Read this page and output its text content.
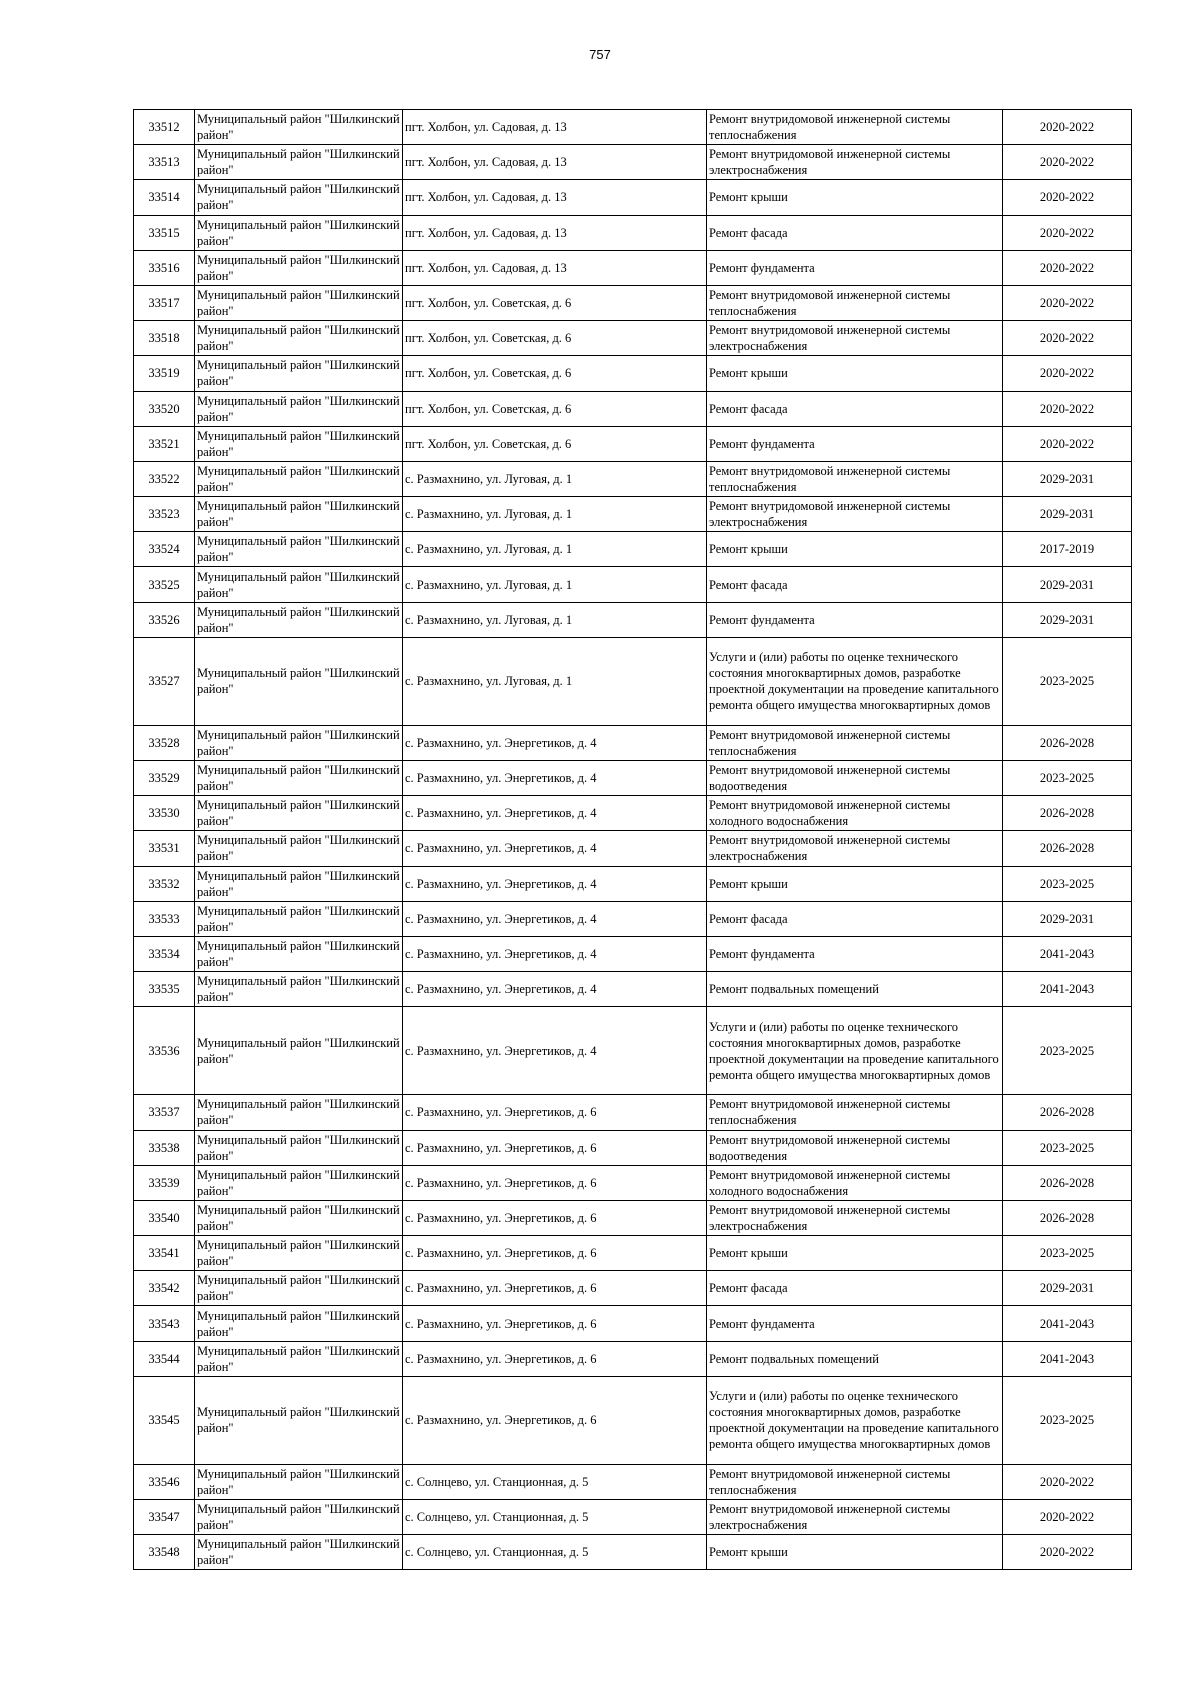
757
33512	Муниципальный район "Шилкинский район"	пгт. Холбон, ул. Садовая, д. 13	Ремонт внутридомовой инженерной системы теплоснабжения	2020-2022
33513	Муниципальный район "Шилкинский район"	пгт. Холбон, ул. Садовая, д. 13	Ремонт внутридомовой инженерной системы электроснабжения	2020-2022
33514	Муниципальный район "Шилкинский район"	пгт. Холбон, ул. Садовая, д. 13	Ремонт крыши	2020-2022
33515	Муниципальный район "Шилкинский район"	пгт. Холбон, ул. Садовая, д. 13	Ремонт фасада	2020-2022
33516	Муниципальный район "Шилкинский район"	пгт. Холбон, ул. Садовая, д. 13	Ремонт фундамента	2020-2022
33517	Муниципальный район "Шилкинский район"	пгт. Холбон, ул. Советская, д. 6	Ремонт внутридомовой инженерной системы теплоснабжения	2020-2022
33518	Муниципальный район "Шилкинский район"	пгт. Холбон, ул. Советская, д. 6	Ремонт внутридомовой инженерной системы электроснабжения	2020-2022
33519	Муниципальный район "Шилкинский район"	пгт. Холбон, ул. Советская, д. 6	Ремонт крыши	2020-2022
33520	Муниципальный район "Шилкинский район"	пгт. Холбон, ул. Советская, д. 6	Ремонт фасада	2020-2022
33521	Муниципальный район "Шилкинский район"	пгт. Холбон, ул. Советская, д. 6	Ремонт фундамента	2020-2022
33522	Муниципальный район "Шилкинский район"	с. Размахнино, ул. Луговая, д. 1	Ремонт внутридомовой инженерной системы теплоснабжения	2029-2031
33523	Муниципальный район "Шилкинский район"	с. Размахнино, ул. Луговая, д. 1	Ремонт внутридомовой инженерной системы электроснабжения	2029-2031
33524	Муниципальный район "Шилкинский район"	с. Размахнино, ул. Луговая, д. 1	Ремонт крыши	2017-2019
33525	Муниципальный район "Шилкинский район"	с. Размахнино, ул. Луговая, д. 1	Ремонт фасада	2029-2031
33526	Муниципальный район "Шилкинский район"	с. Размахнино, ул. Луговая, д. 1	Ремонт фундамента	2029-2031
33527	Муниципальный район "Шилкинский район"	с. Размахнино, ул. Луговая, д. 1	Услуги и (или) работы по оценке технического состояния многоквартирных домов, разработке проектной документации на проведение капитального ремонта общего имущества многоквартирных домов	2023-2025
33528	Муниципальный район "Шилкинский район"	с. Размахнино, ул. Энергетиков, д. 4	Ремонт внутридомовой инженерной системы теплоснабжения	2026-2028
33529	Муниципальный район "Шилкинский район"	с. Размахнино, ул. Энергетиков, д. 4	Ремонт внутридомовой инженерной системы водоотведения	2023-2025
33530	Муниципальный район "Шилкинский район"	с. Размахнино, ул. Энергетиков, д. 4	Ремонт внутридомовой инженерной системы холодного водоснабжения	2026-2028
33531	Муниципальный район "Шилкинский район"	с. Размахнино, ул. Энергетиков, д. 4	Ремонт внутридомовой инженерной системы электроснабжения	2026-2028
33532	Муниципальный район "Шилкинский район"	с. Размахнино, ул. Энергетиков, д. 4	Ремонт крыши	2023-2025
33533	Муниципальный район "Шилкинский район"	с. Размахнино, ул. Энергетиков, д. 4	Ремонт фасада	2029-2031
33534	Муниципальный район "Шилкинский район"	с. Размахнино, ул. Энергетиков, д. 4	Ремонт фундамента	2041-2043
33535	Муниципальный район "Шилкинский район"	с. Размахнино, ул. Энергетиков, д. 4	Ремонт подвальных помещений	2041-2043
33536	Муниципальный район "Шилкинский район"	с. Размахнино, ул. Энергетиков, д. 4	Услуги и (или) работы по оценке технического состояния многоквартирных домов, разработке проектной документации на проведение капитального ремонта общего имущества многоквартирных домов	2023-2025
33537	Муниципальный район "Шилкинский район"	с. Размахнино, ул. Энергетиков, д. 6	Ремонт внутридомовой инженерной системы теплоснабжения	2026-2028
33538	Муниципальный район "Шилкинский район"	с. Размахнино, ул. Энергетиков, д. 6	Ремонт внутридомовой инженерной системы водоотведения	2023-2025
33539	Муниципальный район "Шилкинский район"	с. Размахнино, ул. Энергетиков, д. 6	Ремонт внутридомовой инженерной системы холодного водоснабжения	2026-2028
33540	Муниципальный район "Шилкинский район"	с. Размахнино, ул. Энергетиков, д. 6	Ремонт внутридомовой инженерной системы электроснабжения	2026-2028
33541	Муниципальный район "Шилкинский район"	с. Размахнино, ул. Энергетиков, д. 6	Ремонт крыши	2023-2025
33542	Муниципальный район "Шилкинский район"	с. Размахнино, ул. Энергетиков, д. 6	Ремонт фасада	2029-2031
33543	Муниципальный район "Шилкинский район"	с. Размахнино, ул. Энергетиков, д. 6	Ремонт фундамента	2041-2043
33544	Муниципальный район "Шилкинский район"	с. Размахнино, ул. Энергетиков, д. 6	Ремонт подвальных помещений	2041-2043
33545	Муниципальный район "Шилкинский район"	с. Размахнино, ул. Энергетиков, д. 6	Услуги и (или) работы по оценке технического состояния многоквартирных домов, разработке проектной документации на проведение капитального ремонта общего имущества многоквартирных домов	2023-2025
33546	Муниципальный район "Шилкинский район"	с. Солнцево, ул. Станционная, д. 5	Ремонт внутридомовой инженерной системы теплоснабжения	2020-2022
33547	Муниципальный район "Шилкинский район"	с. Солнцево, ул. Станционная, д. 5	Ремонт внутридомовой инженерной системы электроснабжения	2020-2022
33548	Муниципальный район "Шилкинский район"	с. Солнцево, ул. Станционная, д. 5	Ремонт крыши	2020-2022
